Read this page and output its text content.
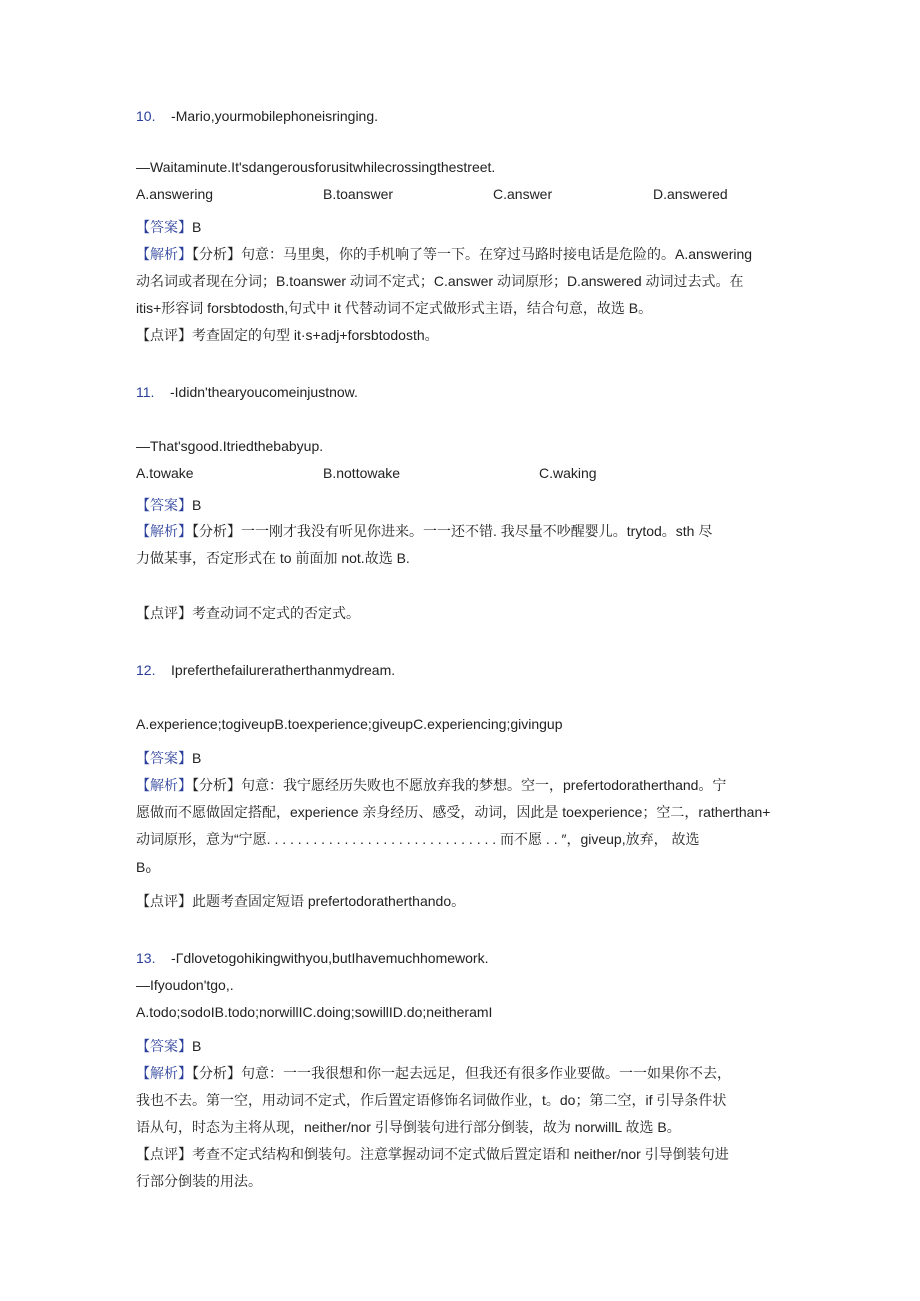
10. -Mario,yourmobilephoneisringing.
—Waitaminute.It'sdangerousforusitwhilecrossingthestreet.
A.answering	B.toanswer	C.answer	D.answered
【答案】B
【解析】【分析】句意：马里奥，你的手机响了等一下。在穿过马路时接电话是危险的。A.answering
动名词或者现在分词；B.toanswer 动词不定式；C.answer 动词原形；D.answered 动词过去式。在
itis+形容词 forsbtodosth,句式中 it 代替动词不定式做形式主语，结合句意，故选 B。
【点评】考查固定的句型 it·s+adj+forsbtodosth。
11. -Ididn'thearyoucomeinjustnow.
—That'sgood.Itriedthebabyup.
A.towake	B.nottowake	C.waking
【答案】B
【解析】【分析】一一刚才我没有听见你进来。一一还不错. 我尽量不吵醒婴儿。trytod。sth 尽
力做某事，否定形式在 to 前面加 not.故选 B.
【点评】考查动词不定式的否定式。
12. Ipreferthefailureratherthanmydream.
A.experience;togiveupB.toexperience;giveupC.experiencing;givingup
【答案】B
【解析】【分析】句意：我宁愿经历失败也不愿放弃我的梦想。空一，prefertodoratherthand。宁
愿做而不愿做固定搭配，experience 亲身经历、感受，动词，因此是 toexperience；空二，ratherthan+
动词原形，意为“宁愿. . . . . . . . . . . . . . . . . . . . . . . . . . . . . . 而不愿 . . ″，giveup,放弃， 故选
B₀
【点评】此题考查固定短语 prefertodoratherthando。
13. -Γdlovetogohikingwithyou,butIhavemuchhomework.
—Ifyoudon'tgo,.
A.todo;sodoIB.todo;norwillIC.doing;sowillID.do;neitheramI
【答案】B
【解析】【分析】句意：一一我很想和你一起去远足，但我还有很多作业要做。一一如果你不去，
我也不去。第一空，用动词不定式，作后置定语修饰名词做作业，t。do；第二空，if 引导条件状
语从句，时态为主将从现，neither/nor 引导倒装句进行部分倒装，故为 norwillL 故选 B。
【点评】考查不定式结构和倒装句。注意掌握动词不定式做后置定语和 neither/nor 引导倒装句进
行部分倒装的用法。
